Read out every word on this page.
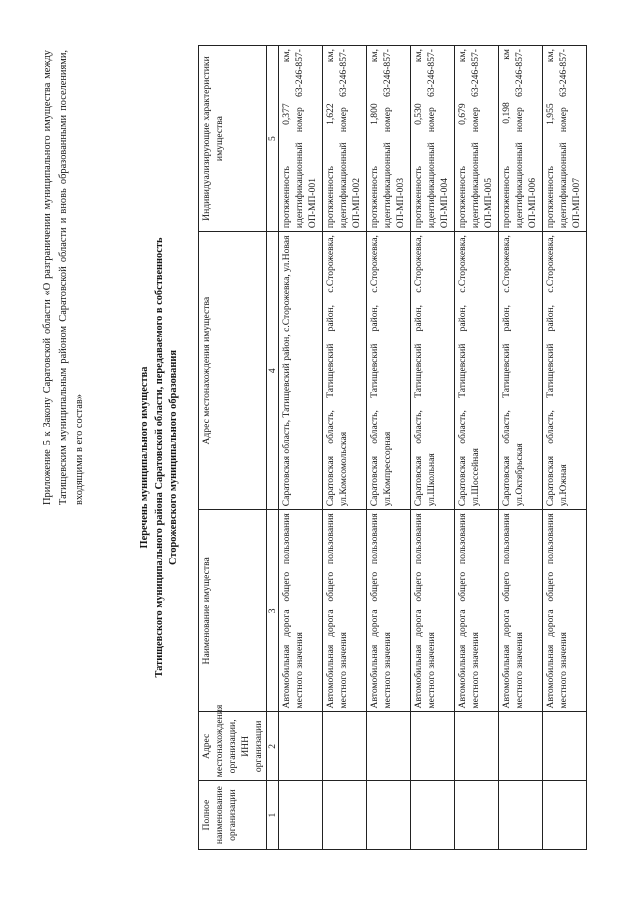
Приложение 5 к Закону Саратовской области «О разграничении муниципального имущества между Татищевским муниципальным районом Саратовской области и вновь образованными поселениями, входящими в его состав»	Перечень муниципального имущества Татищевского муниципального района Саратовской области, передаваемого в собственность Сторожевского муниципального образования
Полное наименование организации	Адрес местонахождения организации, ИНН организации	Наименование имущества	Адрес местонахождения имущества	Индивидуализирующие характеристики имущества
1	2	3	4	5
		Автомобильная дорога общего пользования местного значения	Саратовская область, Татищевский район, с.Сторожевка, ул.Новая	протяженность 0,377 км, идентификационный номер 63-246-857-ОП-МП-001
		Автомобильная дорога общего пользования местного значения	Саратовская область, Татищевский район, с.Сторожевка, ул.Комсомольская	протяженность 1,622 км, идентификационный номер 63-246-857-ОП-МП-002
		Автомобильная дорога общего пользования местного значения	Саратовская область, Татищевский район, с.Сторожевка, ул.Компрессорная	протяженность 1,800 км, идентификационный номер 63-246-857-ОП-МП-003
		Автомобильная дорога общего пользования местного значения	Саратовская область, Татищевский район, с.Сторожевка, ул.Школьная	протяженность 0,530 км, идентификационный номер 63-246-857-ОП-МП-004
		Автомобильная дорога общего пользования местного значения	Саратовская область, Татищевский район, с.Сторожевка, ул.Шоссейная	протяженность 0,679 км, идентификационный номер 63-246-857-ОП-МП-005
		Автомобильная дорога общего пользования местного значения	Саратовская область, Татищевский район, с.Сторожевка, ул.Октябрьская	протяженность 0,198 км идентификационный номер 63-246-857-ОП-МП-006
		Автомобильная дорога общего пользования местного значения	Саратовская область, Татищевский район, с.Сторожевка, ул.Южная	протяженность 1,955 км, идентификационный номер 63-246-857-ОП-МП-007
